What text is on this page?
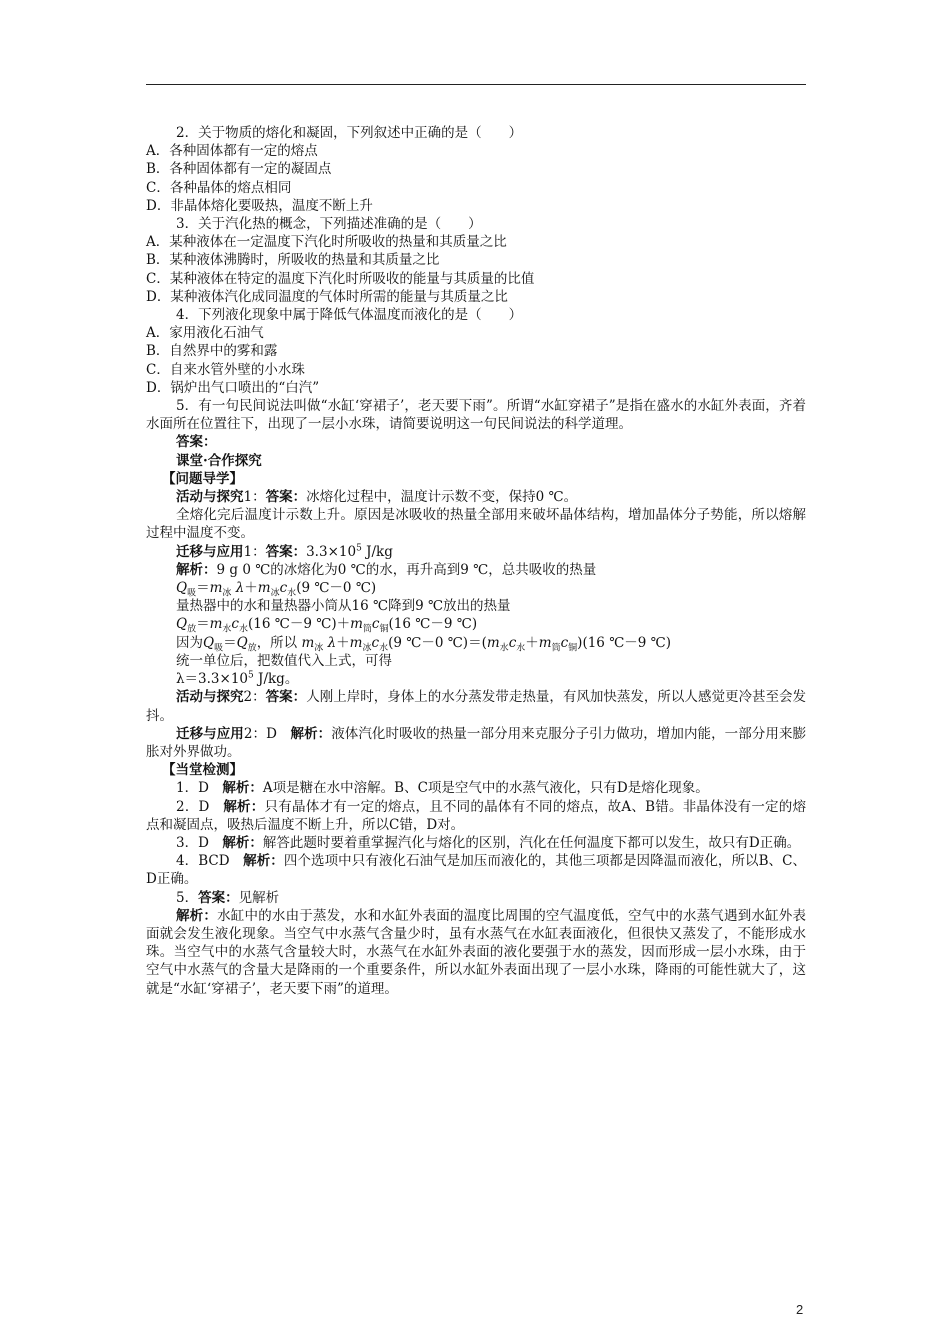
2．关于物质的熔化和凝固，下列叙述中正确的是（　　）

A．各种固体都有一定的熔点

B．各种固体都有一定的凝固点

C．各种晶体的熔点相同

D．非晶体熔化要吸热，温度不断上升

3．关于汽化热的概念，下列描述准确的是（　　）

A．某种液体在一定温度下汽化时所吸收的热量和其质量之比

B．某种液体沸腾时，所吸收的热量和其质量之比

C．某种液体在特定的温度下汽化时所吸收的能量与其质量的比值

D．某种液体汽化成同温度的气体时所需的能量与其质量之比

4．下列液化现象中属于降低气体温度而液化的是（　　）

A．家用液化石油气

B．自然界中的雾和露

C．自来水管外壁的小水珠

D．锅炉出气口喷出的“白汽”

5．有一句民间说法叫做“水缸‘穿裙子’，老天要下雨”。所谓“水缸穿裙子”是指在盛水的水缸外表面，齐着水面所在位置往下，出现了一层小水珠，请简要说明这一句民间说法的科学道理。

答案：

课堂·合作探究

【问题导学】

活动与探究1：答案：冰熔化过程中，温度计示数不变，保持0 ℃。

全熔化完后温度计示数上升。原因是冰吸收的热量全部用来破坏晶体结构，增加晶体分子势能，所以熔解过程中温度不变。

迁移与应用1：答案：$3.3\times 10^5$ J/kg

解析：9 g 0 ℃的冰熔化为0 ℃的水，再升高到9 ℃，总共吸收的热量

$Q_吸=m_冰$ $\lambda+m_冰c_水(9$ ℃－0 ℃)

量热器中的水和量热器小筒从16 ℃降到9 ℃放出的热量

$Q_放=m_水c_水(16$ ℃－9 $℃)+m_筒c_铜(16$ ℃－9 ℃)

因为$Q_吸=Q_放$，所以 $m_冰$ $\lambda+m_冰c_水(9$ ℃－0 $℃)=(m_水c_水+m_筒c_铜)(16$ ℃－9 ℃)

统一单位后，把数值代入上式，可得

$\lambda=3.3\times 10^5$ J/kg。

活动与探究2：答案：人刚上岸时，身体上的水分蒸发带走热量，有风加快蒸发，所以人感觉更冷甚至会发抖。

迁移与应用2：D　解析：液体汽化时吸收的热量一部分用来克服分子引力做功，增加内能，一部分用来膨胀对外界做功。

【当堂检测】

1．D　解析：A项是糖在水中溶解。B、C项是空气中的水蒸气液化，只有D是熔化现象。

2．D　解析：只有晶体才有一定的熔点，且不同的晶体有不同的熔点，故A、B错。非晶体没有一定的熔点和凝固点，吸热后温度不断上升，所以C错，D对。

3．D　解析：解答此题时要着重掌握汽化与熔化的区别，汽化在任何温度下都可以发生，故只有D正确。

4．BCD　解析：四个选项中只有液化石油气是加压而液化的，其他三项都是因降温而液化，所以B、C、D正确。

5．答案：见解析

解析：水缸中的水由于蒸发，水和水缸外表面的温度比周围的空气温度低，空气中的水蒸气遇到水缸外表面就会发生液化现象。当空气中水蒸气含量少时，虽有水蒸气在水缸表面液化，但很快又蒸发了，不能形成水珠。当空气中的水蒸气含量较大时，水蒸气在水缸外表面的液化要强于水的蒸发，因而形成一层小水珠，由于空气中水蒸气的含量大是降雨的一个重要条件，所以水缸外表面出现了一层小水珠，降雨的可能性就大了，这就是“水缸‘穿裙子’，老天要下雨”的道理。

2
